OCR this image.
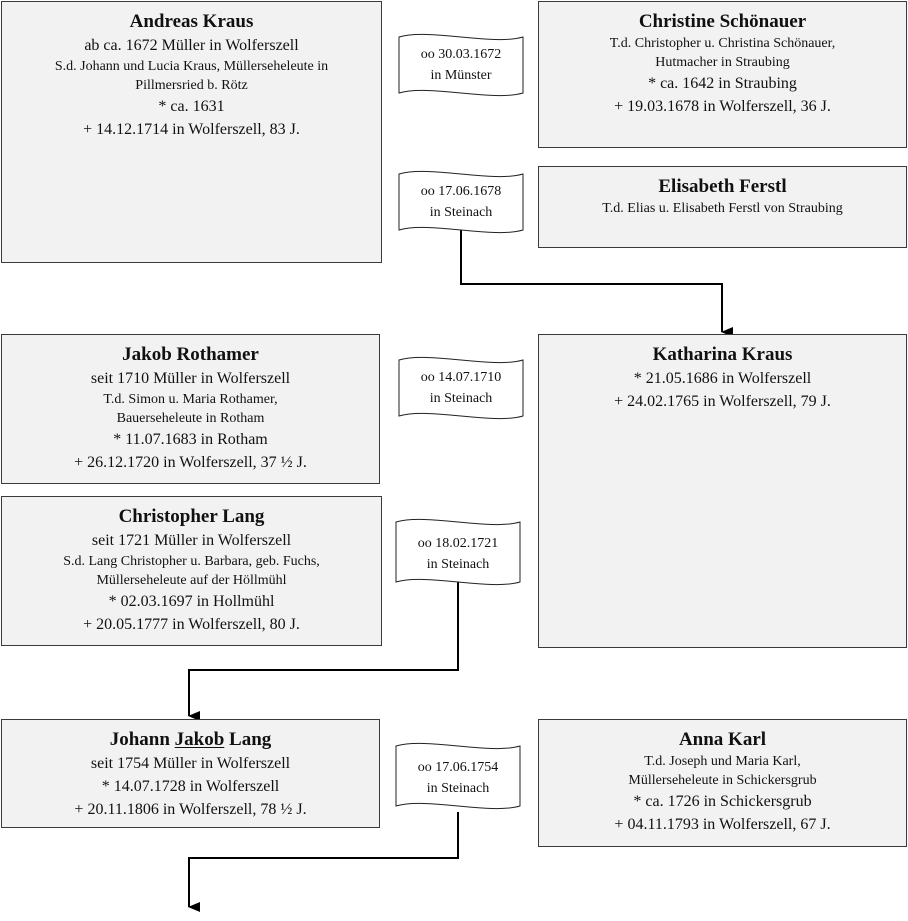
Andreas Kraus
ab ca. 1672 Müller in Wolferszell
S.d. Johann und Lucia Kraus, Müllerseheleute in
Pillmersried b. Rötz
* ca. 1631
+ 14.12.1714 in Wolferszell, 83 J.
Christine Schönauer
T.d. Christopher u. Christina Schönauer,
Hutmacher in Straubing
* ca. 1642 in Straubing
+ 19.03.1678 in Wolferszell, 36 J.
Elisabeth Ferstl
T.d. Elias u. Elisabeth Ferstl von Straubing
Jakob Rothamer
seit 1710 Müller in Wolferszell
T.d. Simon u. Maria Rothamer,
Bauerseheleute in Rotham
* 11.07.1683 in Rotham
+ 26.12.1720 in Wolferszell, 37 ½ J.
Katharina Kraus
* 21.05.1686 in Wolferszell
+ 24.02.1765 in Wolferszell, 79 J.
Christopher Lang
seit 1721 Müller in Wolferszell
S.d. Lang Christopher u. Barbara, geb. Fuchs,
Müllerseheleute auf der Höllmühl
* 02.03.1697 in Hollmühl
+ 20.05.1777 in Wolferszell, 80 J.
Johann Jakob Lang
seit 1754 Müller in Wolferszell
* 14.07.1728 in Wolferszell
+ 20.11.1806 in Wolferszell, 78 ½ J.
Anna Karl
T.d. Joseph und Maria Karl,
Müllerseheleute in Schickersgrub
* ca. 1726 in Schickersgrub
+ 04.11.1793 in Wolferszell, 67 J.
oo 30.03.1672
in Münster
oo 17.06.1678
in Steinach
oo 14.07.1710
in Steinach
oo 18.02.1721
in Steinach
oo 17.06.1754
in Steinach
